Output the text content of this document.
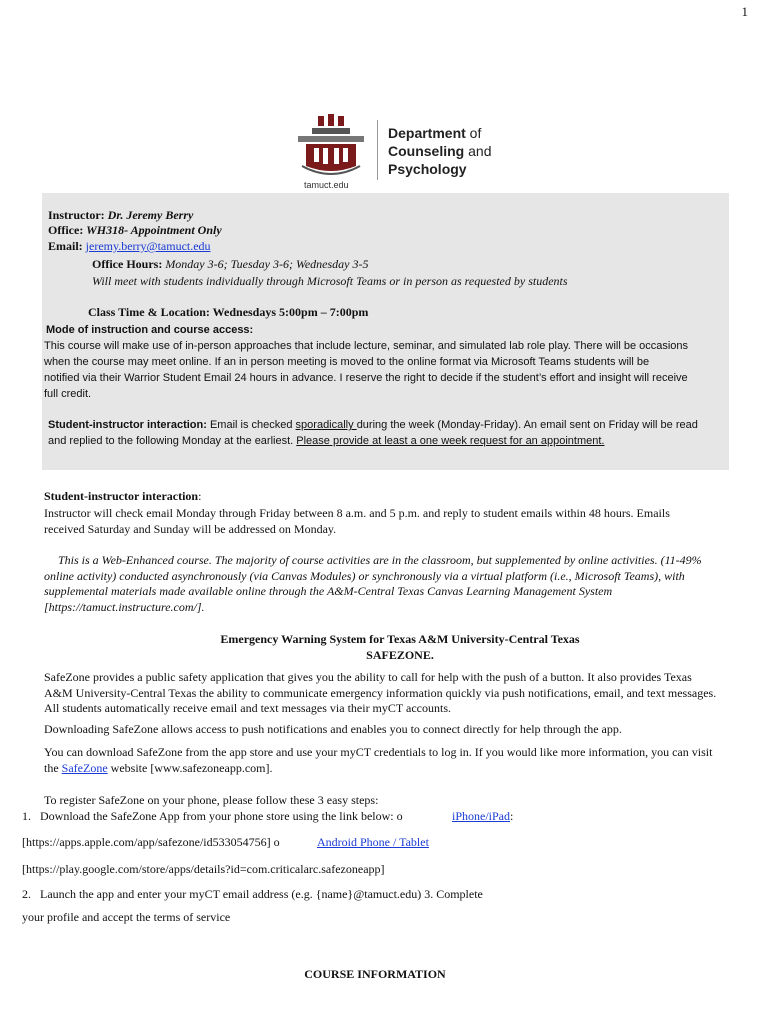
1
Department of
Counseling and
Psychology
tamuct.edu
Instructor: Dr. Jeremy Berry
Office: WH318- Appointment Only
Email: jeremy.berry@tamuct.edu
Office Hours: Monday 3-6; Tuesday 3-6; Wednesday 3-5
Will meet with students individually through Microsoft Teams or in person as requested by students
Class Time & Location: Wednesdays 5:00pm – 7:00pm
Mode of instruction and course access:
This course will make use of in-person approaches that include lecture, seminar, and simulated lab role play. There will be occasions
when the course may meet online. If an in person meeting is moved to the online format via Microsoft Teams students will be
notified via their Warrior Student Email 24 hours in advance. I reserve the right to decide if the student’s effort and insight will receive
full credit.
Student-instructor interaction: Email is checked sporadically during the week (Monday-Friday). An email sent on Friday will be read
and replied to the following Monday at the earliest. Please provide at least a one week request for an appointment.
Student-instructor interaction:
Instructor will check email Monday through Friday between 8 a.m. and 5 p.m. and reply to student emails within 48 hours. Emails
received Saturday and Sunday will be addressed on Monday.
This is a Web-Enhanced course. The majority of course activities are in the classroom, but supplemented by online activities. (11-49%
online activity) conducted asynchronously (via Canvas Modules) or synchronously via a virtual platform (i.e., Microsoft Teams), with
supplemental materials made available online through the A&M-Central Texas Canvas Learning Management System
[https://tamuct.instructure.com/].
Emergency Warning System for Texas A&M University-Central Texas
SAFEZONE.
SafeZone provides a public safety application that gives you the ability to call for help with the push of a button. It also provides Texas
A&M University-Central Texas the ability to communicate emergency information quickly via push notifications, email, and text messages.
All students automatically receive email and text messages via their myCT accounts.
Downloading SafeZone allows access to push notifications and enables you to connect directly for help through the app.
You can download SafeZone from the app store and use your myCT credentials to log in. If you would like more information, you can visit
the SafeZone website [www.safezoneapp.com].
To register SafeZone on your phone, please follow these 3 easy steps:
1. Download the SafeZone App from your phone store using the link below: o	iPhone/iPad:
[https://apps.apple.com/app/safezone/id533054756] o	Android Phone / Tablet
[https://play.google.com/store/apps/details?id=com.criticalarc.safezoneapp]
2. Launch the app and enter your myCT email address (e.g. {name}@tamuct.edu) 3. Complete
your profile and accept the terms of service
COURSE INFORMATION
